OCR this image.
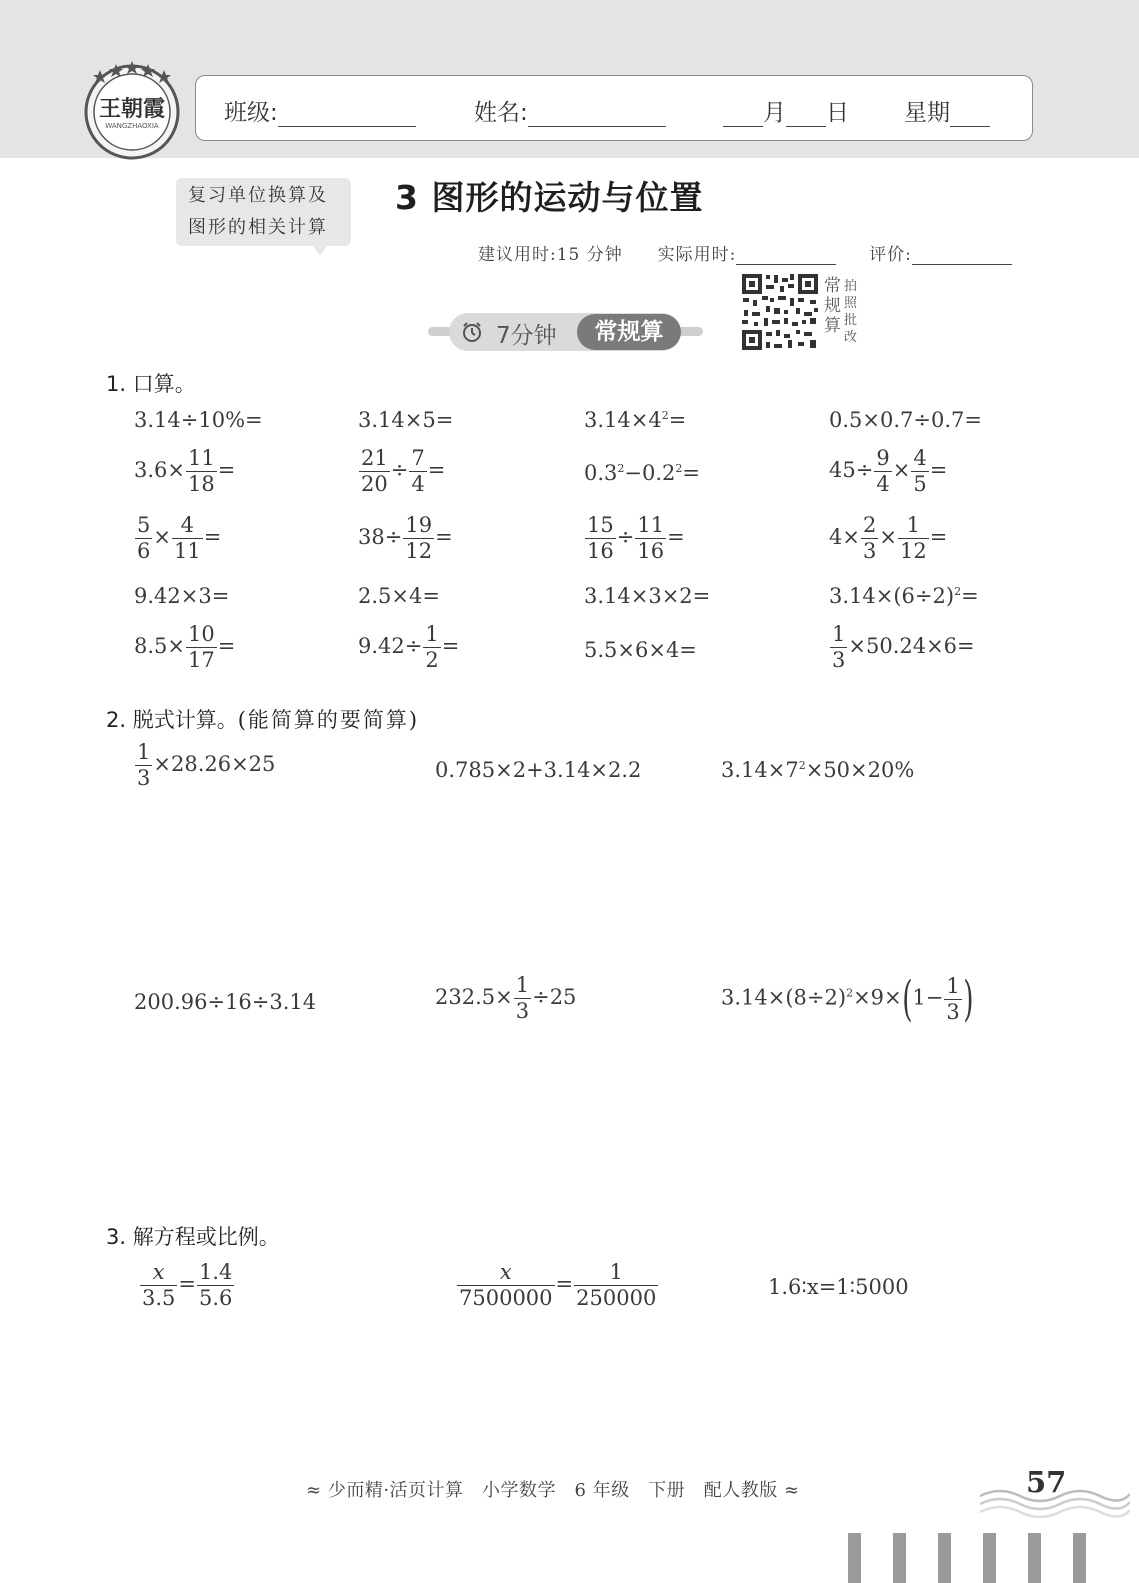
王朝霞
WANGZHAOXIA	班级:	姓名:	月 日 星期
复习单位换算及
图形的相关计算
3 图形的运动与位置
建议用时:15 分钟 实际用时:	评价:
常规算
拍照批改
7分钟	常规算
1. 口算。
3.14÷10%=	3.14×5=	$3.14\times 4^2=$	0.5×0.7÷0.7=
$3.6\times \frac{11}{18}$ =	$\frac{21}{20} \div \frac{7}{4}$ =	$0.3^2-0.2^2=$	$45\div \frac{9}{4} \times \frac{4}{5}$ =
$\frac{5}{6} \times \frac{4}{11}$ =	$38\div \frac{19}{12}$ =	$\frac{15}{16} \div \frac{11}{16}$ =	$4\times \frac{2}{3} \times \frac{1}{12}$ =
9.42×3=	2.5×4=	3.14×3×2=	$3.14\times(6\div 2)^2=$
$8.5\times \frac{10}{17}$ =	$9.42\div \frac{1}{2}$ =	5.5×6×4=	$\frac{1}{3} \times 50.24\times 6=$
2. 脱式计算。(能简算的要简算)
$\frac{1}{3} \times 28.26\times 25$	0.785×2+3.14×2.2	$3.14\times 7^2\times 50\times 20\%$
200.96÷16÷3.14	$232.5\times \frac{1}{3} \div 25$	$3.14\times(8\div 2)^2\times 9\times(1- \frac{1}{3}$ )
3. 解方程或比例。
$\frac{x}{3.5} = \frac{1.4}{5.6}$	$\frac{x}{7500000} = \frac{1}{250000}$	1.6∶x=1∶5000
≈ 少而精·活页计算　小学数学　6 年级　下册　配人教版 ≈	57
